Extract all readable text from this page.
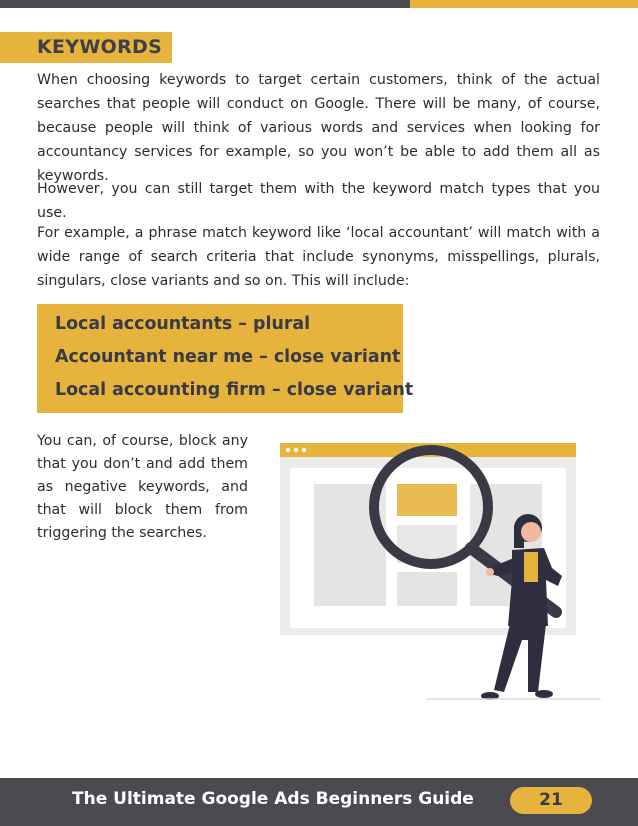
KEYWORDS

When choosing keywords to target certain customers, think of the actual searches that people will conduct on Google. There will be many, of course, because people will think of various words and services when looking for accountancy services for example, so you won’t be able to add them all as keywords.

However, you can still target them with the keyword match types that you use.

For example, a phrase match keyword like ‘local accountant’ will match with a wide range of search criteria that include synonyms, misspellings, plurals, singulars, close variants and so on. This will include:

Local accountants – plural

Accountant near me – close variant

Local accounting firm – close variant

You can, of course, block any that you don’t and add them as negative keywords, and that will block them from triggering the searches.

The Ultimate Google Ads Beginners Guide	21
